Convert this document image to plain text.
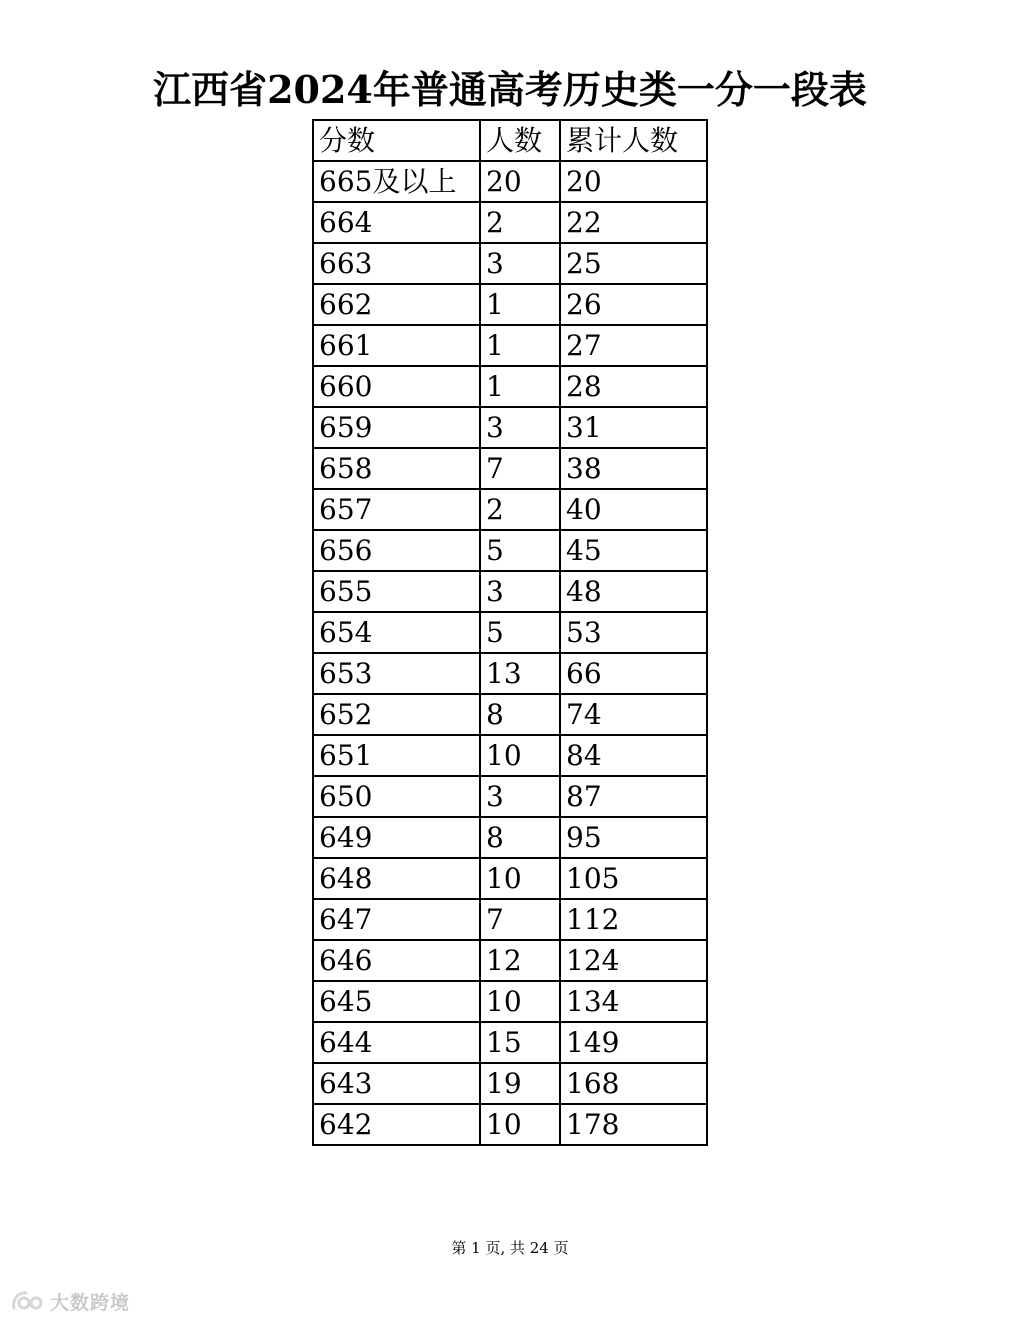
江西省2024年普通高考历史类一分一段表
分数	人数	累计人数
665及以上	20	20
664	2	22
663	3	25
662	1	26
661	1	27
660	1	28
659	3	31
658	7	38
657	2	40
656	5	45
655	3	48
654	5	53
653	13	66
652	8	74
651	10	84
650	3	87
649	8	95
648	10	105
647	7	112
646	12	124
645	10	134
644	15	149
643	19	168
642	10	178
第 1 页, 共 24 页
大数跨境
